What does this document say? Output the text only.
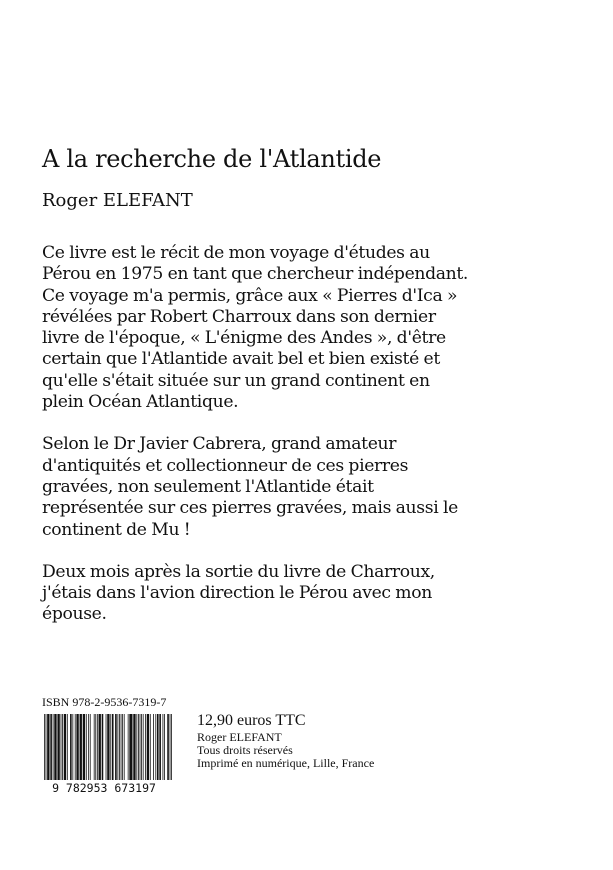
A la recherche de l'Atlantide
Roger ELEFANT

Ce livre est le récit de mon voyage d'études au Pérou en 1975 en tant que chercheur indépendant. Ce voyage m'a permis, grâce aux « Pierres d'Ica » révélées par Robert Charroux dans son dernier livre de l'époque, « L'énigme des Andes », d'être certain que l'Atlantide avait bel et bien existé et qu'elle s'était située sur un grand continent en plein Océan Atlantique.

Selon le Dr Javier Cabrera, grand amateur d'antiquités et collectionneur de ces pierres gravées, non seulement l'Atlantide était représentée sur ces pierres gravées, mais aussi le continent de Mu !

Deux mois après la sortie du livre de Charroux, j'étais dans l'avion direction le Pérou avec mon épouse.

ISBN 978-2-9536-7319-7
9 782953 673197
12,90 euros TTC
Roger ELEFANT
Tous droits réservés
Imprimé en numérique, Lille, France
